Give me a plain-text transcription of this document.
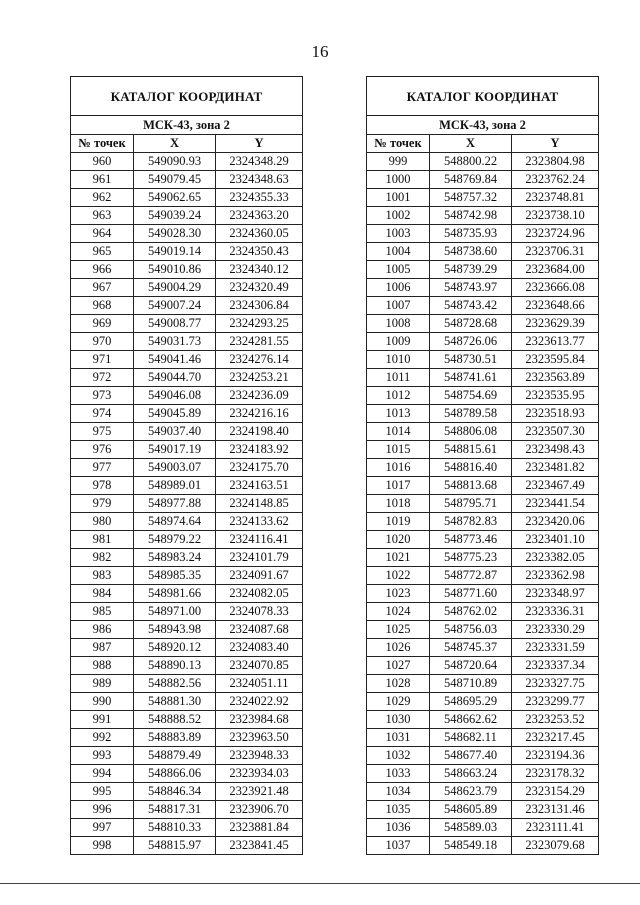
16
КАТАЛОГ КООРДИНАТ		
МСК-43, зона 2		
№ точек	X	Y
960	549090.93	2324348.29
961	549079.45	2324348.63
962	549062.65	2324355.33
963	549039.24	2324363.20
964	549028.30	2324360.05
965	549019.14	2324350.43
966	549010.86	2324340.12
967	549004.29	2324320.49
968	549007.24	2324306.84
969	549008.77	2324293.25
970	549031.73	2324281.55
971	549041.46	2324276.14
972	549044.70	2324253.21
973	549046.08	2324236.09
974	549045.89	2324216.16
975	549037.40	2324198.40
976	549017.19	2324183.92
977	549003.07	2324175.70
978	548989.01	2324163.51
979	548977.88	2324148.85
980	548974.64	2324133.62
981	548979.22	2324116.41
982	548983.24	2324101.79
983	548985.35	2324091.67
984	548981.66	2324082.05
985	548971.00	2324078.33
986	548943.98	2324087.68
987	548920.12	2324083.40
988	548890.13	2324070.85
989	548882.56	2324051.11
990	548881.30	2324022.92
991	548888.52	2323984.68
992	548883.89	2323963.50
993	548879.49	2323948.33
994	548866.06	2323934.03
995	548846.34	2323921.48
996	548817.31	2323906.70
997	548810.33	2323881.84
998	548815.97	2323841.45
КАТАЛОГ КООРДИНАТ		
МСК-43, зона 2		
№ точек	X	Y
999	548800.22	2323804.98
1000	548769.84	2323762.24
1001	548757.32	2323748.81
1002	548742.98	2323738.10
1003	548735.93	2323724.96
1004	548738.60	2323706.31
1005	548739.29	2323684.00
1006	548743.97	2323666.08
1007	548743.42	2323648.66
1008	548728.68	2323629.39
1009	548726.06	2323613.77
1010	548730.51	2323595.84
1011	548741.61	2323563.89
1012	548754.69	2323535.95
1013	548789.58	2323518.93
1014	548806.08	2323507.30
1015	548815.61	2323498.43
1016	548816.40	2323481.82
1017	548813.68	2323467.49
1018	548795.71	2323441.54
1019	548782.83	2323420.06
1020	548773.46	2323401.10
1021	548775.23	2323382.05
1022	548772.87	2323362.98
1023	548771.60	2323348.97
1024	548762.02	2323336.31
1025	548756.03	2323330.29
1026	548745.37	2323331.59
1027	548720.64	2323337.34
1028	548710.89	2323327.75
1029	548695.29	2323299.77
1030	548662.62	2323253.52
1031	548682.11	2323217.45
1032	548677.40	2323194.36
1033	548663.24	2323178.32
1034	548623.79	2323154.29
1035	548605.89	2323131.46
1036	548589.03	2323111.41
1037	548549.18	2323079.68
